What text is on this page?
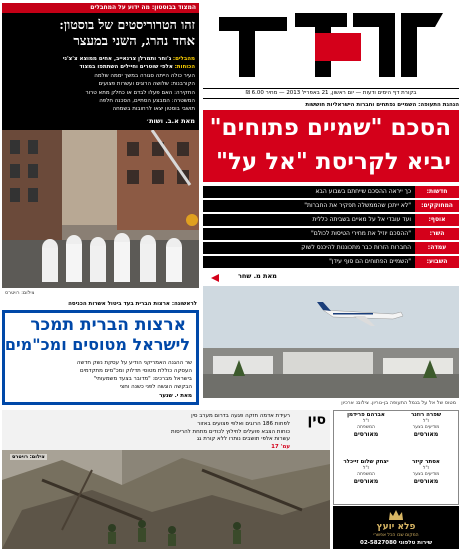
בקורת דף הימים ודעות — יום ראשון, 21 באפריל 2013 — מחיר 6.00 ₪
המצוד בבוסטון: מה ידוע על המחבלים
זהו הטרוריסטים של בוסטון:
אחד נהרג, השני במעצר
מהבלים: ג'וחר ותמרלן צרנאייב, אחים ממוצא צ'צ'ני
הכוחות: אלפי שוטרים וחיילים השתתפו במצוד
העיר כולה הייתה סגורה במשך יממה שלמה
הקורבנות: שלושה הרוגים ועשרות פצועים
החקירה: האם פעלו לבדם או כחלק מתא טרור
המשטרה: המבצע הסתיים, הסכנה חלפה
תושבי בוסטון יצאו לרחובות בשמחה
מאת א.ב. ושות׳
צילום: רויטרס
הנהגת התעופה: השמיים נפתחים וחברות הישראליות חוששות
הסכם "שמיים פתוחים"
יביא לקריסת "אל על"
חדשות:
כך ייראה ההסכם שייחתם בשבוע הבא
המחוקקים:
"לא ייתכן שהממשלה תפקיר את החברות"
אוסף:
ועד עובדי אל על מאיים בשביתה כללית
השר:
"ההסכם יוזיל את מחירי הטיסות לכולם"
עמדה:
החברות הזרות כבר מתכוננות להיכנס לשוק
השבוע:
"השמיים הפתוחים הם סוף עידן"
מאת מ. שחר
מטוס של אל על בנמל התעופה בן-גוריון. צילום: ארכיון
לראשונה: ארצות הברית בעד ביטול אשרות הכניסה
ארצות הברית תמכר
לישראל מטוסים ומכ"מים
שר ההגנה האמריקני הודיע על עסקת נשק חדשה
העסקה כוללת מטוסי תדלוק ומכ"מים מתקדמים
בישראל מברכים: "מדובר בצעד משמעותי"
הבקשה הוגשה לפני כשנה וחצי
מאת י. שנער
סין
רעידת אדמה חזקה פגעה בדרום מערב סין
לפחות 186 הרוגים ואלפי פצועים באזור
כוחות הצבא פועלים לחילוץ לכודים מתחת להריסות
עשרות אלפי תושבים נותרו ללא קורת גג
עמ' 17
צילום: רויטרס
שפרה רוזנר
ז"ל
מודיעים בצער
מאורסים
אברהם פרידמן
ז"ל
המשפחה
מאורסים
אסתר קיזר
ז"ל
מודיעים בצער
מאורסים
יצחק שלום זייכלר
ז"ל
המשפחה
מאורסים
פלא יועץ
המקום שבו הכל אפשרי
שירות טלפוני 02-5827080
